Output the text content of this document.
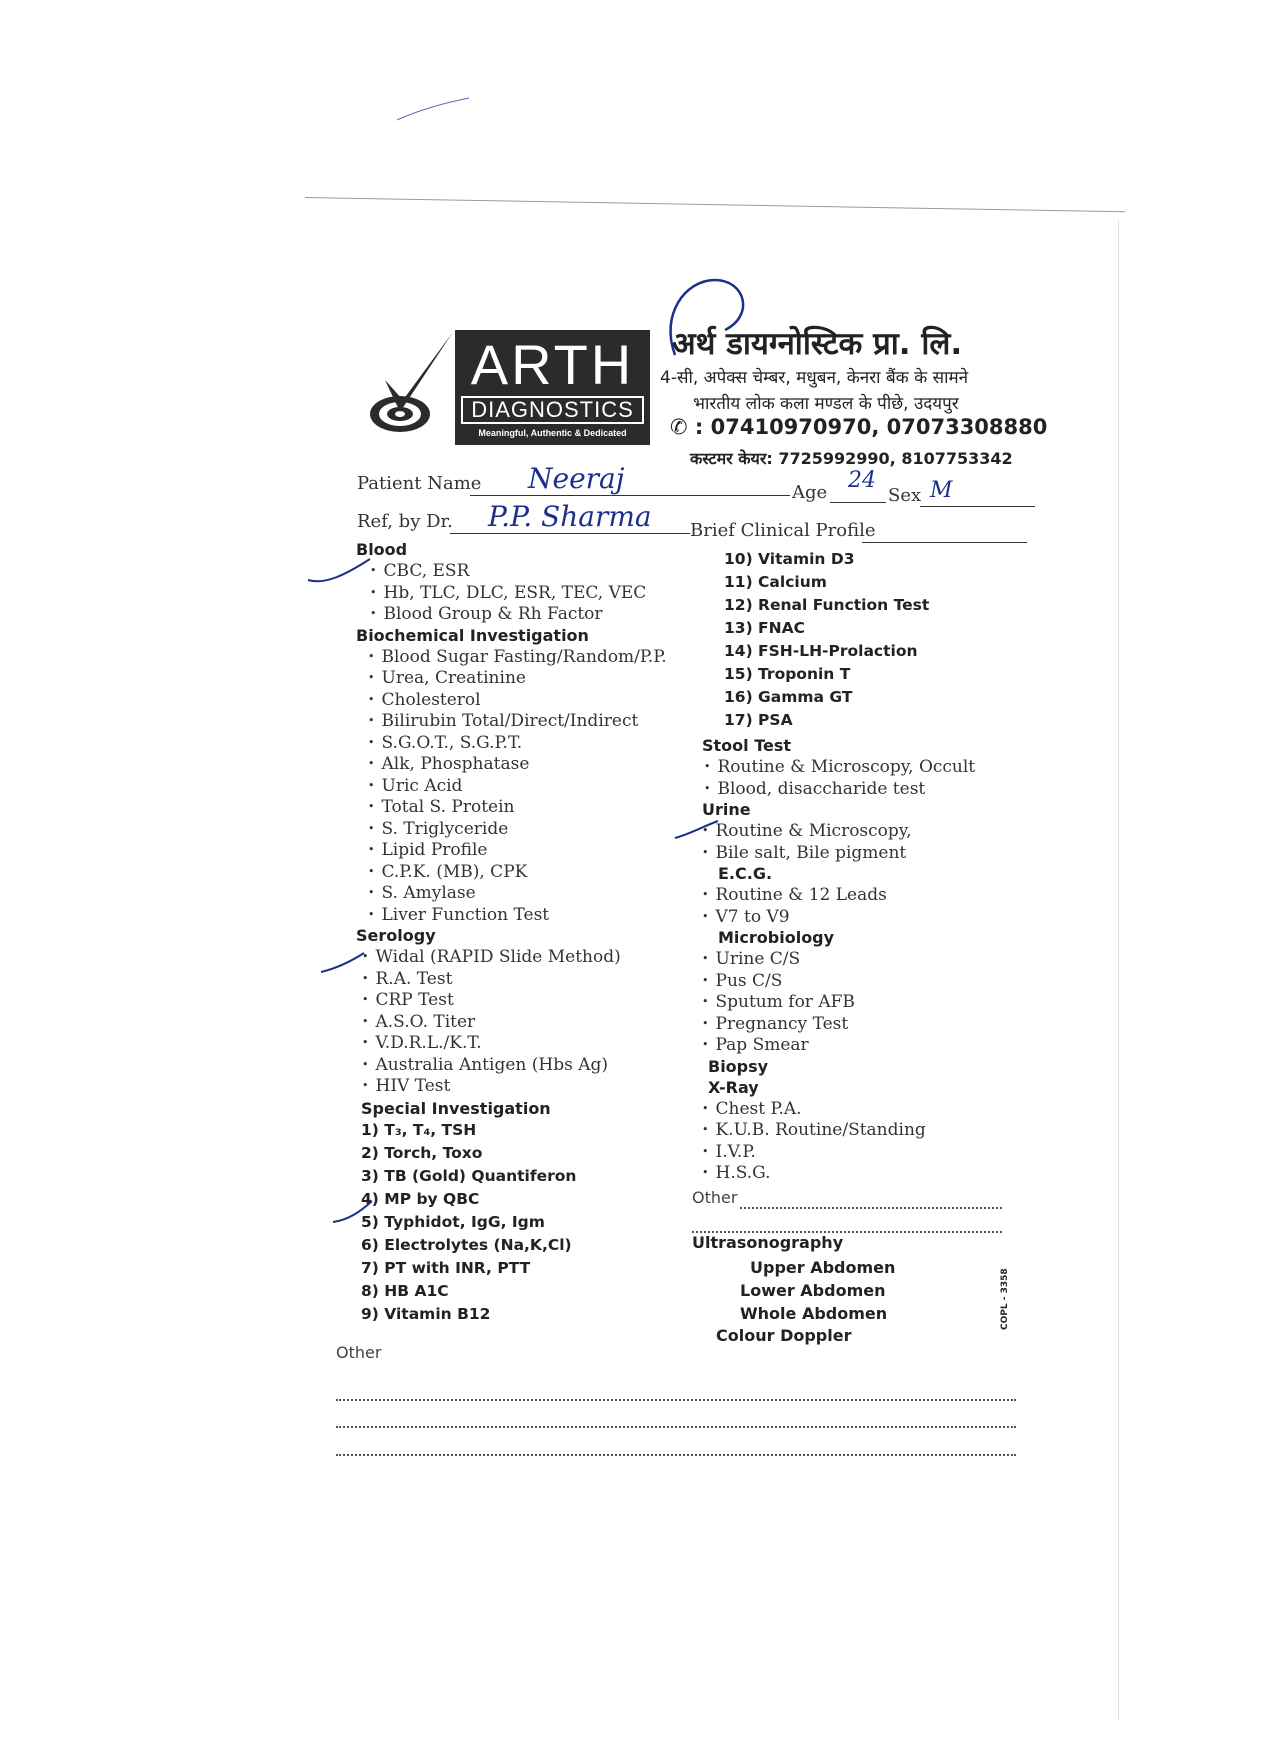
ARTH
DIAGNOSTICS
Meaningful, Authentic & Dedicated
अर्थ डायग्नोस्टिक प्रा. लि.
4-सी, अपेक्स चेम्बर, मधुबन, केनरा बैंक के सामने
भारतीय लोक कला मण्डल के पीछे, उदयपुर
✆ : 07410970970, 07073308880
कस्टमर केयर: 7725992990, 8107753342
Patient Name Neeraj	Age 24
Sex M
Ref, by Dr. P.P. Sharma Brief Clinical Profile
Blood
• CBC, ESR
• Hb, TLC, DLC, ESR, TEC, VEC
• Blood Group & Rh Factor
Biochemical Investigation
• Blood Sugar Fasting/Random/P.P.
• Urea, Creatinine
• Cholesterol
• Bilirubin Total/Direct/Indirect
• S.G.O.T., S.G.P.T.
• Alk, Phosphatase
• Uric Acid
• Total S. Protein
• S. Triglyceride
• Lipid Profile
• C.P.K. (MB), CPK
• S. Amylase
• Liver Function Test
Serology
• Widal (RAPID Slide Method)
• R.A. Test
• CRP Test
• A.S.O. Titer
• V.D.R.L./K.T.
• Australia Antigen (Hbs Ag)
• HIV Test
Special Investigation
1) T₃, T₄, TSH
2) Torch, Toxo
3) TB (Gold) Quantiferon
4) MP by QBC
5) Typhidot, IgG, Igm
6) Electrolytes (Na,K,Cl)
7) PT with INR, PTT
8) HB A1C
9) Vitamin B12
Other
10) Vitamin D3
11) Calcium
12) Renal Function Test
13) FNAC
14) FSH-LH-Prolaction
15) Troponin T
16) Gamma GT
17) PSA
Stool Test
• Routine & Microscopy, Occult
• Blood, disaccharide test
Urine
• Routine & Microscopy,
• Bile salt, Bile pigment
E.C.G.
• Routine & 12 Leads
• V7 to V9
Microbiology
• Urine C/S
• Pus C/S
• Sputum for AFB
• Pregnancy Test
• Pap Smear
Biopsy
X-Ray
• Chest P.A.
• K.U.B. Routine/Standing
• I.V.P.
• H.S.G.
Other
Ultrasonography
Upper Abdomen
Lower Abdomen
Whole Abdomen
Colour Doppler
COPL - 3358
